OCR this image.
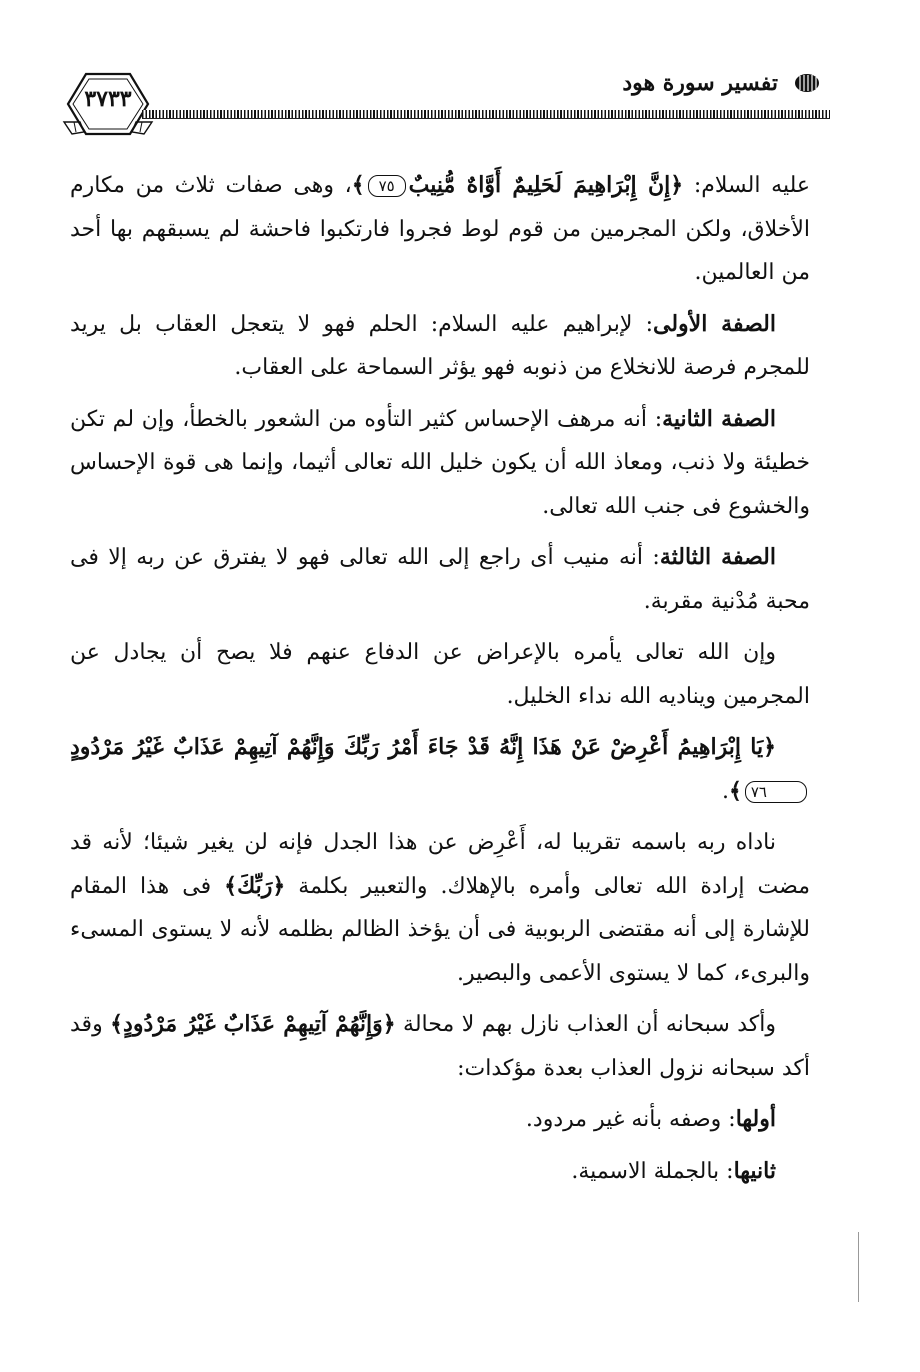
٣٧٣٣
تفسير سورة هود

عليه السلام: ﴿إِنَّ إِبْرَاهِيمَ لَحَلِيمٌ أَوَّاهٌ مُّنِيبٌ٧٥﴾، وهى صفات ثلاث من مكارم الأخلاق، ولكن المجرمين من قوم لوط فجروا فارتكبوا فاحشة لم يسبقهم بها أحد من العالمين.

الصفة الأولى: لإبراهيم عليه السلام: الحلم فهو لا يتعجل العقاب بل يريد للمجرم فرصة للانخلاع من ذنوبه فهو يؤثر السماحة على العقاب.

الصفة الثانية: أنه مرهف الإحساس كثير التأوه من الشعور بالخطأ، وإن لم تكن خطيئة ولا ذنب، ومعاذ الله أن يكون خليل الله تعالى أثيما، وإنما هى قوة الإحساس والخشوع فى جنب الله تعالى.

الصفة الثالثة: أنه منيب أى راجع إلى الله تعالى فهو لا يفترق عن ربه إلا فى محبة مُدْنية مقربة.

وإن الله تعالى يأمره بالإعراض عن الدفاع عنهم فلا يصح أن يجادل عن المجرمين ويناديه الله نداء الخليل.

﴿يَا إِبْرَاهِيمُ أَعْرِضْ عَنْ هَذَا إِنَّهُ قَدْ جَاءَ أَمْرُ رَبِّكَ وَإِنَّهُمْ آتِيهِمْ عَذَابٌ غَيْرُ مَرْدُودٍ٧٦﴾.

ناداه ربه باسمه تقريبا له، أَعْرِض عن هذا الجدل فإنه لن يغير شيئا؛ لأنه قد مضت إرادة الله تعالى وأمره بالإهلاك. والتعبير بكلمة ﴿رَبِّكَ﴾ فى هذا المقام للإشارة إلى أنه مقتضى الربوبية فى أن يؤخذ الظالم بظلمه لأنه لا يستوى المسىء والبرىء، كما لا يستوى الأعمى والبصير.

وأكد سبحانه أن العذاب نازل بهم لا محالة ﴿وَإِنَّهُمْ آتِيهِمْ عَذَابٌ غَيْرُ مَرْدُودٍ﴾ وقد أكد سبحانه نزول العذاب بعدة مؤكدات:

أولها: وصفه بأنه غير مردود.

ثانيها: بالجملة الاسمية.
